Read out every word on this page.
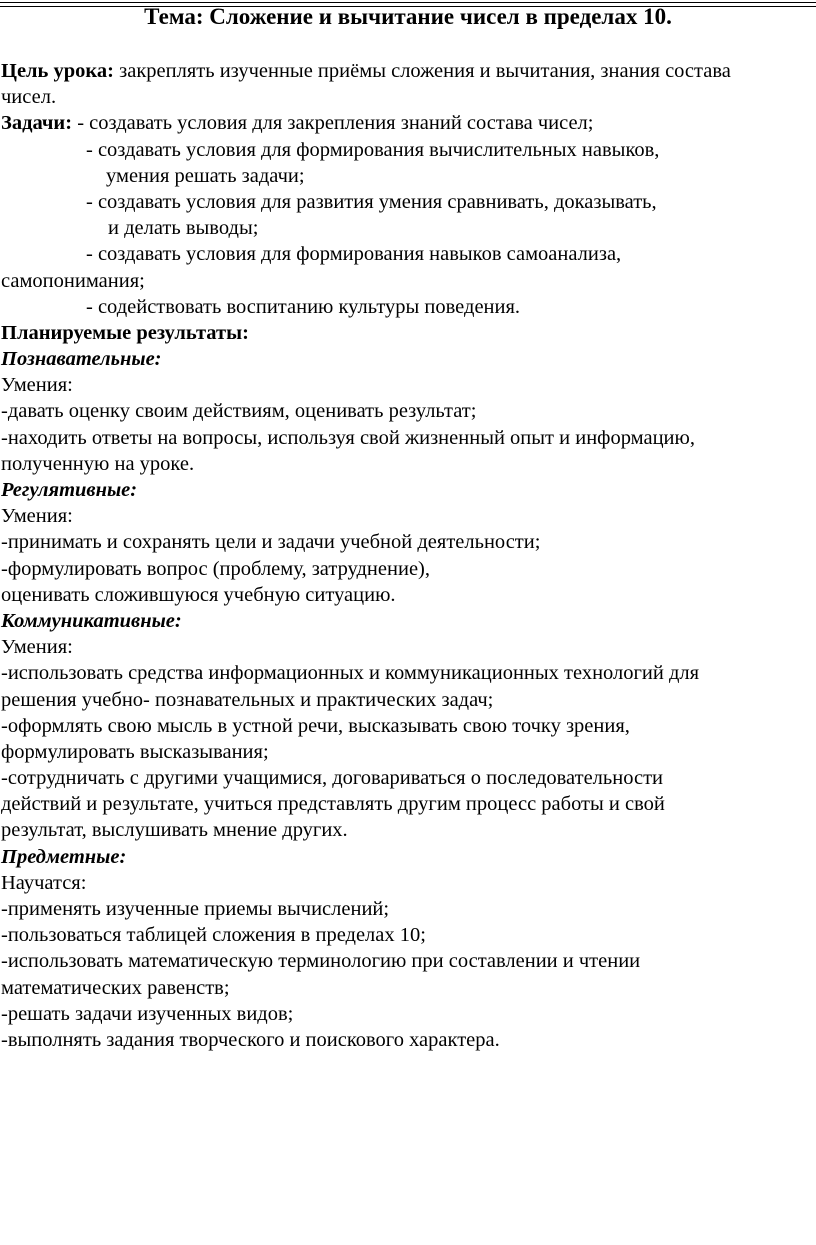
Тема: Сложение и вычитание чисел в пределах 10.
Цель урока: закреплять изученные приёмы сложения и вычитания, знания состава
чисел.
Задачи: - создавать условия для закрепления знаний состава чисел;
- создавать условия для формирования вычислительных навыков,
умения решать задачи;
- создавать условия для развития умения сравнивать, доказывать,
и делать выводы;
- создавать условия для формирования навыков самоанализа,
самопонимания;
- содействовать воспитанию культуры поведения.
Планируемые результаты:
Познавательные:
Умения:
-давать оценку своим действиям, оценивать результат;
-находить ответы на вопросы, используя свой жизненный опыт и информацию,
полученную на уроке.
Регулятивные:
Умения:
-принимать и сохранять цели и задачи учебной деятельности;
-формулировать вопрос (проблему, затруднение),
оценивать сложившуюся учебную ситуацию.
Коммуникативные:
Умения:
-использовать средства информационных и коммуникационных технологий для
решения учебно- познавательных и практических задач;
-оформлять свою мысль в устной речи, высказывать свою точку зрения,
формулировать высказывания;
-сотрудничать с другими учащимися, договариваться о последовательности
действий и результате, учиться представлять другим процесс работы и свой
результат, выслушивать мнение других.
Предметные:
Научатся:
-применять изученные приемы вычислений;
-пользоваться таблицей сложения в пределах 10;
-использовать математическую терминологию при составлении и чтении
математических равенств;
-решать задачи изученных видов;
-выполнять задания творческого и поискового характера.
